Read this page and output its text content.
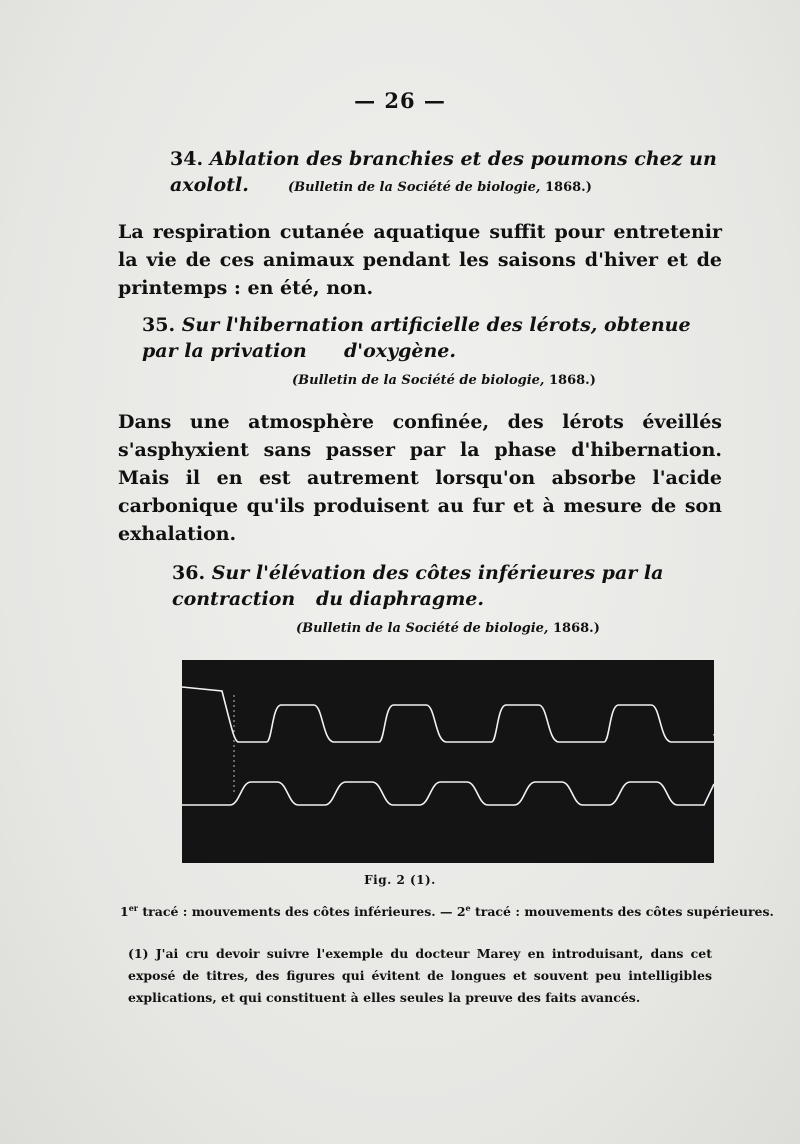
— 26 —
34. Ablation des branchies et des poumons chez un axolotl.	(Bulletin de la Société de biologie, 1868.)
La respiration cutanée aquatique suffit pour entretenir la vie de ces animaux pendant les saisons d'hiver et de printemps : en été, non.
35. Sur l'hibernation artificielle des lérots, obtenue par la privation	d'oxygène.
(Bulletin de la Société de biologie, 1868.)
Dans une atmosphère confinée, des lérots éveillés s'asphyxient sans passer par la phase d'hibernation. Mais il en est autrement lorsqu'on absorbe l'acide carbonique qu'ils produisent au fur et à mesure de son exhalation.
36. Sur l'élévation des côtes inférieures par la contraction	du diaphragme.
(Bulletin de la Société de biologie, 1868.)
Fig. 2 (1).
1er tracé : mouvements des côtes inférieures. — 2e tracé : mouvements des côtes supérieures.
(1) J'ai cru devoir suivre l'exemple du docteur Marey en introduisant, dans cet exposé de titres, des figures qui évitent de longues et souvent peu intelligibles explications, et qui constituent à elles seules la preuve des faits avancés.
